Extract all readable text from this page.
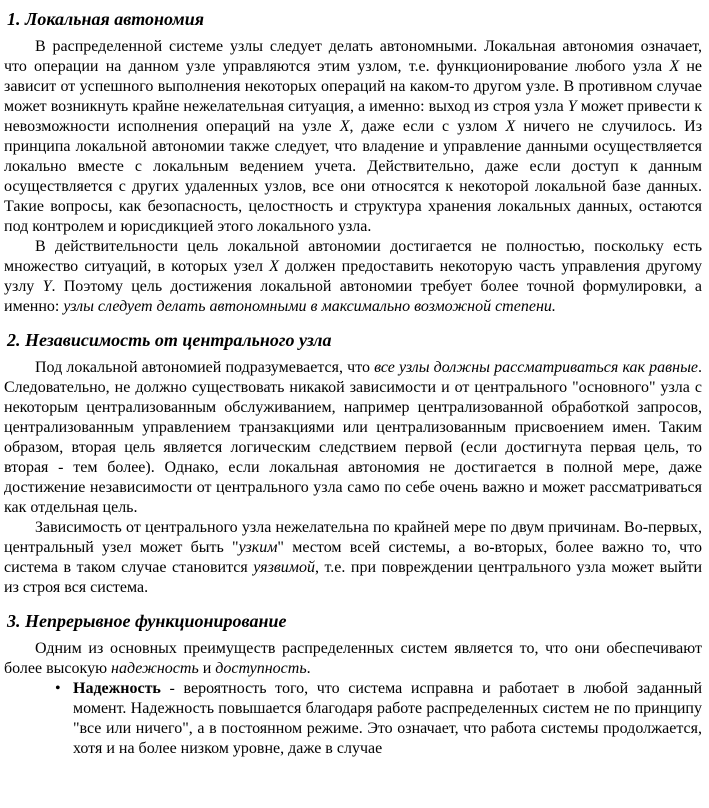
1. Локальная автономия

В распределенной системе узлы следует делать автономными. Локальная автономия означает, что операции на данном узле управляются этим узлом, т.е. функционирование любого узла X не зависит от успешного выполнения некоторых операций на каком-то другом узле. В противном случае может возникнуть крайне нежелательная ситуация, а именно: выход из строя узла Y может привести к невозможности исполнения операций на узле X, даже если с узлом X ничего не случилось. Из принципа локальной автономии также следует, что владение и управление данными осуществляется локально вместе с локальным ведением учета. Действительно, даже если доступ к данным осуществляется с других удаленных узлов, все они относятся к некоторой локальной базе данных. Такие вопросы, как безопасность, целостность и структура хранения локальных данных, остаются под контролем и юрисдикцией этого локального узла.

В действительности цель локальной автономии достигается не полностью, поскольку есть множество ситуаций, в которых узел X должен предоставить некоторую часть управления другому узлу Y. Поэтому цель достижения локальной автономии требует более точной формулировки, а именно: узлы следует делать автономными в максимально возможной степени.

2. Независимость от центрального узла

Под локальной автономией подразумевается, что все узлы должны рассматриваться как равные. Следовательно, не должно существовать никакой зависимости и от центрального "основного" узла с некоторым централизованным обслуживанием, например централизованной обработкой запросов, централизованным управлением транзакциями или централизованным присвоением имен. Таким образом, вторая цель является логическим следствием первой (если достигнута первая цель, то вторая - тем более). Однако, если локальная автономия не достигается в полной мере, даже достижение независимости от центрального узла само по себе очень важно и может рассматриваться как отдельная цель.

Зависимость от центрального узла нежелательна по крайней мере по двум причинам. Во-первых, центральный узел может быть "узким" местом всей системы, а во-вторых, более важно то, что система в таком случае становится уязвимой, т.е. при повреждении центрального узла может выйти из строя вся система.

3. Непрерывное функционирование

Одним из основных преимуществ распределенных систем является то, что они обеспечивают более высокую надежность и доступность.

• Надежность - вероятность того, что система исправна и работает в любой заданный момент. Надежность повышается благодаря работе распределенных систем не по принципу "все или ничего", а в постоянном режиме. Это означает, что работа системы продолжается, хотя и на более низком уровне, даже в случае
